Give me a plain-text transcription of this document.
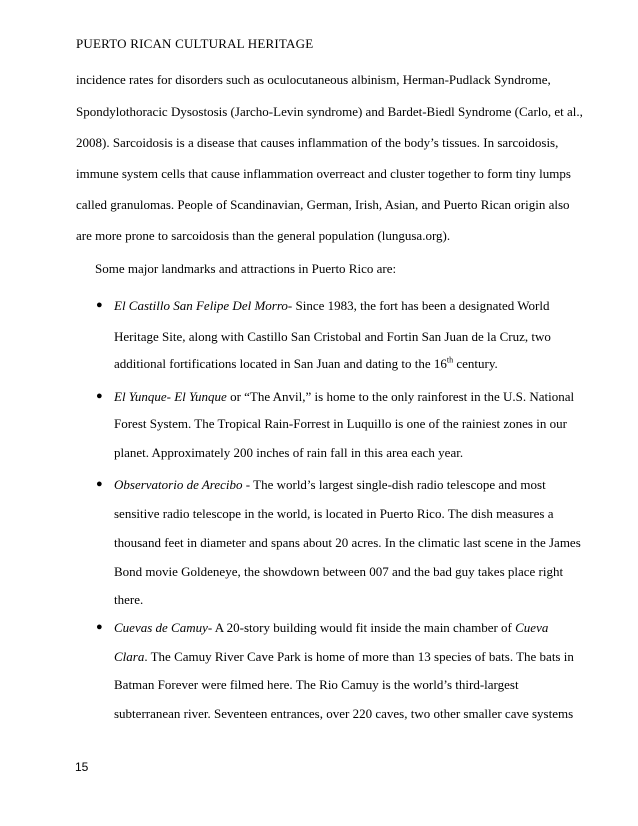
PUERTO RICAN CULTURAL HERITAGE
incidence rates for disorders such as oculocutaneous albinism, Herman-Pudlack Syndrome,
Spondylothoracic Dysostosis (Jarcho-Levin syndrome) and Bardet-Biedl Syndrome (Carlo, et al.,
2008). Sarcoidosis is a disease that causes inflammation of the body’s tissues. In sarcoidosis,
immune system cells that cause inflammation overreact and cluster together to form tiny lumps
called granulomas. People of Scandinavian, German, Irish, Asian, and Puerto Rican origin also
are more prone to sarcoidosis than the general population (lungusa.org).
Some major landmarks and attractions in Puerto Rico are:
● El Castillo San Felipe Del Morro- Since 1983, the fort has been a designated World
Heritage Site, along with Castillo San Cristobal and Fortin San Juan de la Cruz, two
additional fortifications located in San Juan and dating to the 16th century.
● El Yunque- El Yunque or “The Anvil,” is home to the only rainforest in the U.S. National
Forest System. The Tropical Rain-Forrest in Luquillo is one of the rainiest zones in our
planet. Approximately 200 inches of rain fall in this area each year.
● Observatorio de Arecibo - The world’s largest single-dish radio telescope and most
sensitive radio telescope in the world, is located in Puerto Rico. The dish measures a
thousand feet in diameter and spans about 20 acres. In the climatic last scene in the James
Bond movie Goldeneye, the showdown between 007 and the bad guy takes place right
there.
● Cuevas de Camuy- A 20-story building would fit inside the main chamber of Cueva
Clara. The Camuy River Cave Park is home of more than 13 species of bats. The bats in
Batman Forever were filmed here. The Rio Camuy is the world’s third-largest
subterranean river. Seventeen entrances, over 220 caves, two other smaller cave systems
15
